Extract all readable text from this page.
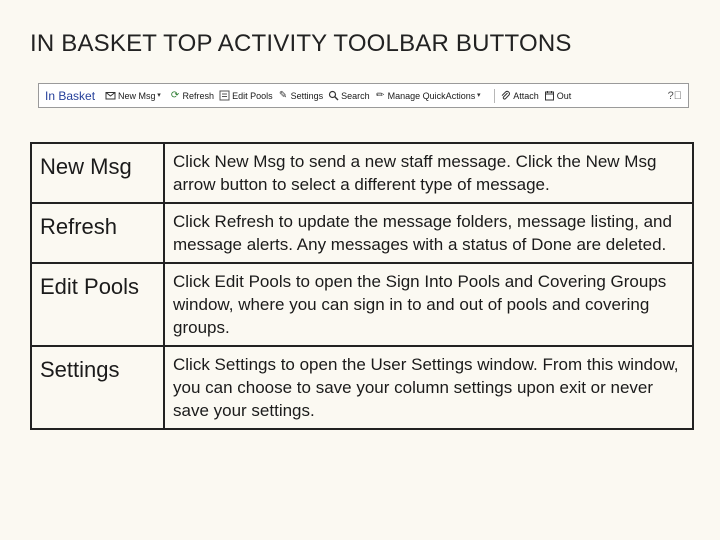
IN BASKET TOP ACTIVITY TOOLBAR BUTTONS
In Basket	New Msg ▾ ⟳ Refresh Edit Pools ✎ Settings Search ✏ Manage QuickActions ▾	Attach Out	?⃝
New Msg	Click New Msg to send a new staff message. Click the New Msg arrow button to select a different type of message.
Refresh	Click Refresh to update the message folders, message listing, and message alerts. Any messages with a status of Done are deleted.
Edit Pools	Click Edit Pools to open the Sign Into Pools and Covering Groups window, where you can sign in to and out of pools and covering groups.
Settings	Click Settings to open the User Settings window. From this window, you can choose to save your column settings upon exit or never save your settings.
